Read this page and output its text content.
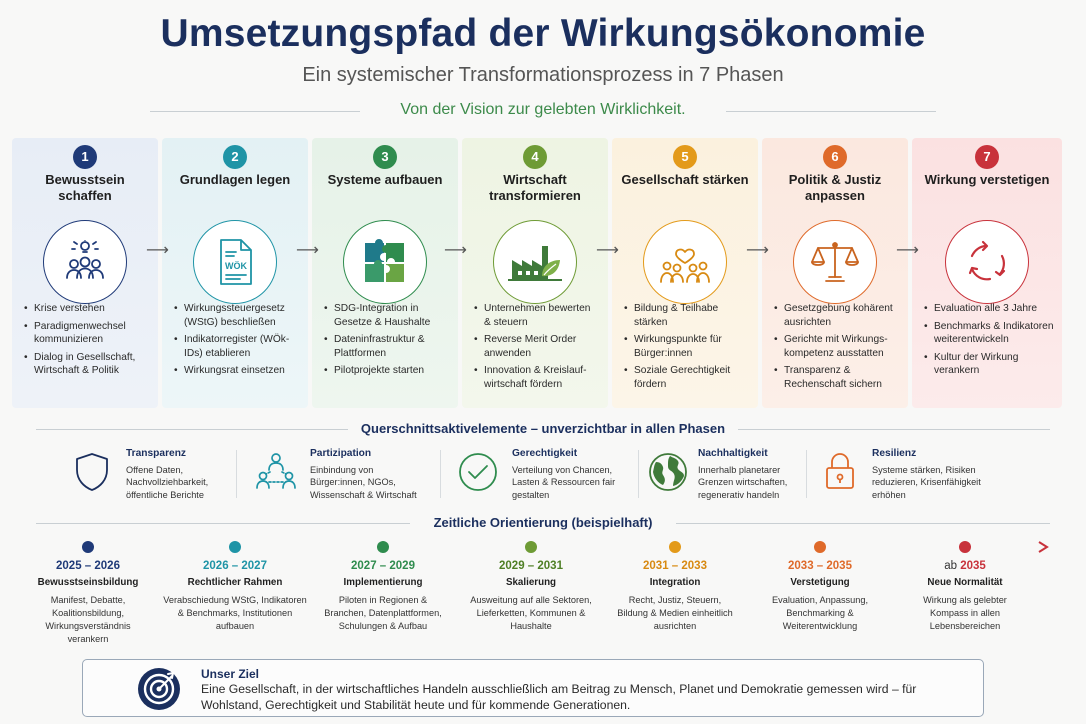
Umsetzungspfad der Wirkungsökonomie
Ein systemischer Transformationsprozess in 7 Phasen
Von der Vision zur gelebten Wirklichkeit.
1
Bewusstsein schaffen
• Krise verstehen
• Paradigmenwechsel kommunizieren
• Dialog in Gesellschaft, Wirtschaft & Politik
2
Grundlagen legen
WÖK
• Wirkungssteuergesetz (WStG) beschließen
• Indikatorregister (WÖk-IDs) etablieren
• Wirkungsrat einsetzen
3
Systeme aufbauen
• SDG-Integration in Gesetze & Haushalte
• Dateninfrastruktur & Plattformen
• Pilotprojekte starten
4
Wirtschaft transformieren
• Unternehmen bewerten & steuern
• Reverse Merit Order anwenden
• Innovation & Kreislauf-wirtschaft fördern
5
Gesellschaft stärken
• Bildung & Teilhabe stärken
• Wirkungspunkte für Bürger:innen
• Soziale Gerechtigkeit fördern
6
Politik & Justiz anpassen
• Gesetzgebung kohärent ausrichten
• Gerichte mit Wirkungs-kompetenz ausstatten
• Transparenz & Rechenschaft sichern
7
Wirkung verstetigen
• Evaluation alle 3 Jahre
• Benchmarks & Indikatoren weiterentwickeln
• Kultur der Wirkung verankern
⟶	⟶	⟶	⟶	⟶	⟶
Querschnittsaktivelemente – unverzichtbar in allen Phasen
Transparenz
Offene Daten, Nachvollziehbarkeit, öffentliche Berichte
Partizipation
Einbindung von Bürger:innen, NGOs, Wissenschaft & Wirtschaft
Gerechtigkeit
Verteilung von Chancen, Lasten & Ressourcen fair gestalten
Nachhaltigkeit
Innerhalb planetarer Grenzen wirtschaften, regenerativ handeln
Resilienz
Systeme stärken, Risiken reduzieren, Krisenfähigkeit erhöhen
Zeitliche Orientierung (beispielhaft)
2025 – 2026
Bewusstseinsbildung
Manifest, Debatte, Koalitionsbildung, Wirkungsverständnis verankern
2026 – 2027
Rechtlicher Rahmen
Verabschiedung WStG, Indikatoren & Benchmarks, Institutionen aufbauen
2027 – 2029
Implementierung
Piloten in Regionen & Branchen, Datenplattformen, Schulungen & Aufbau
2029 – 2031
Skalierung
Ausweitung auf alle Sektoren, Lieferketten, Kommunen & Haushalte
2031 – 2033
Integration
Recht, Justiz, Steuern, Bildung & Medien einheitlich ausrichten
2033 – 2035
Verstetigung
Evaluation, Anpassung, Benchmarking & Weiterentwicklung
ab 2035
Neue Normalität
Wirkung als gelebter Kompass in allen Lebensbereichen
Unser Ziel
Eine Gesellschaft, in der wirtschaftliches Handeln ausschließlich am Beitrag zu Mensch, Planet und Demokratie gemessen wird – für Wohlstand, Gerechtigkeit und Stabilität heute und für kommende Generationen.
